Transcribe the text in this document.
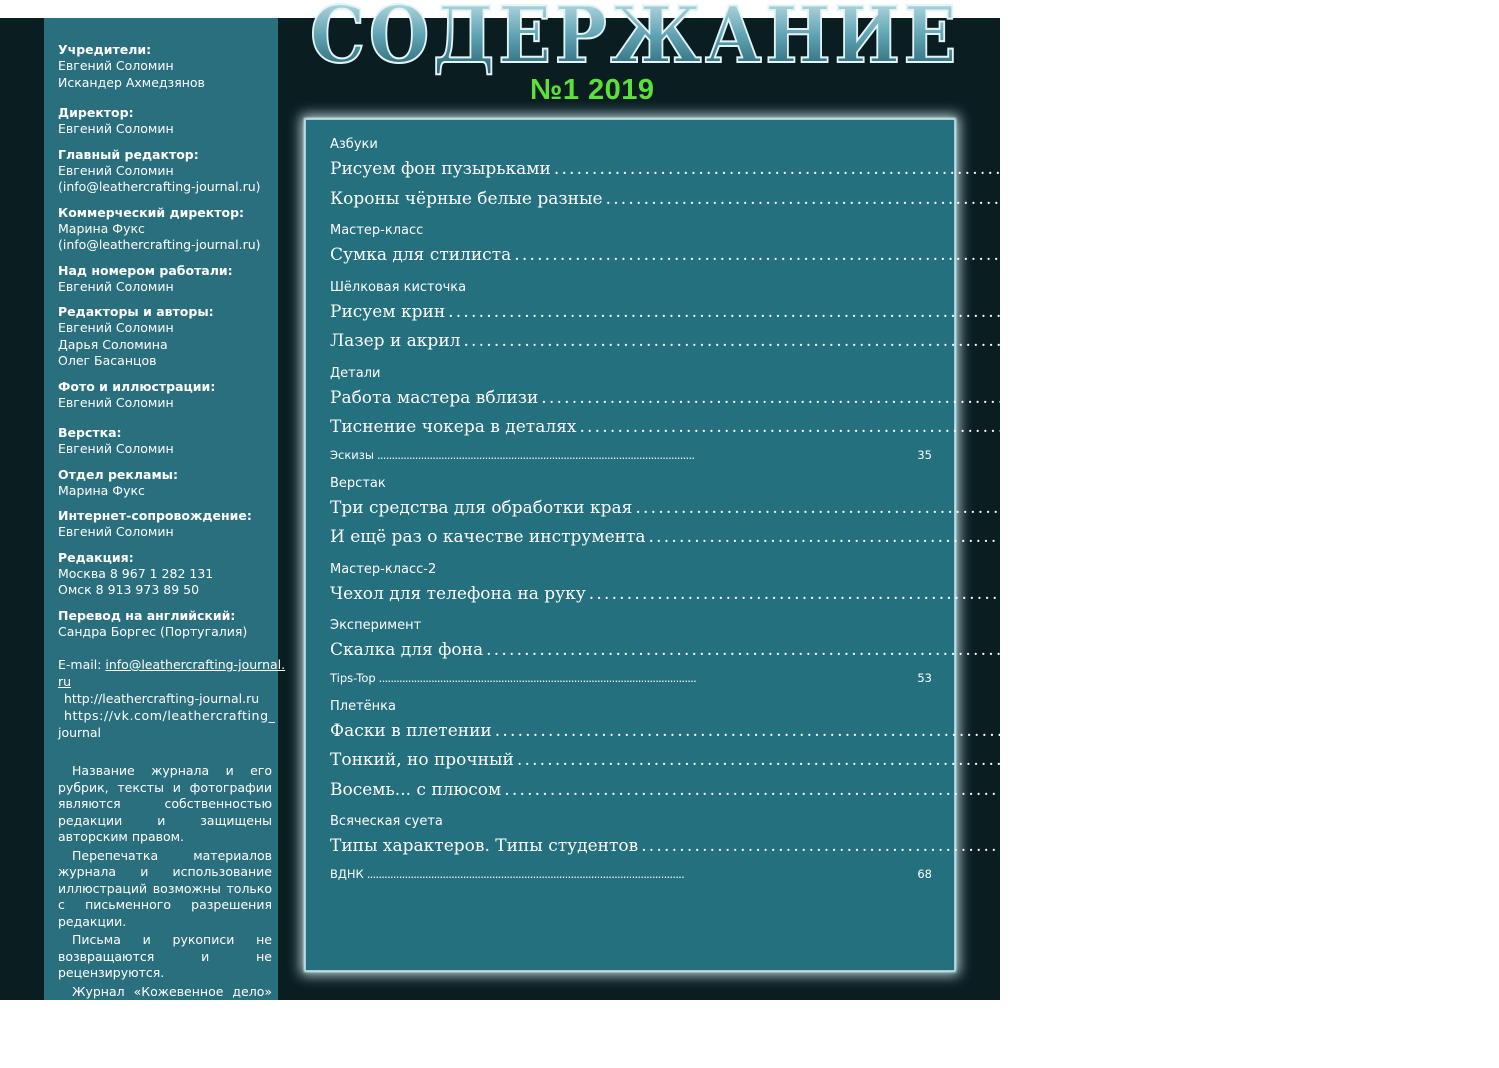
Учредители:
Евгений Соломин
Искандер Ахмедзянов
Директор:
Евгений Соломин
Главный редактор:
Евгений Соломин
(info@leathercrafting-journal.ru)
Коммерческий директор:
Марина Фукс
(info@leathercrafting-journal.ru)
Над номером работали:
Евгений Соломин
Редакторы и авторы:
Евгений Соломин
Дарья Соломина
Олег Басанцов
Фото и иллюстрации:
Евгений Соломин
Верстка:
Евгений Соломин
Отдел рекламы:
Марина Фукс
Интернет-сопровождение:
Евгений Соломин
Редакция:
Москва 8 967 1 282 131
Омск 8 913 973 89 50
Перевод на английский:
Сандра Боргес (Португалия)
E-mail: info@leathercrafting-journal.
ru
http://leathercrafting-journal.ru
https://vk.com/leathercrafting_
journal

Название журнала и его рубрик, тексты и фотографии являются собственностью редакции и защищены авторским правом.

Перепечатка материалов журнала и использование иллюстраций возможны только с письменного разрешения редакции.

Письма и рукописи не возвращаются и не рецензируются.

Журнал «Кожевенное дело» 2016г.

Редакция не несет ответственность за содержание рекламных

СОДЕРЖАНИЕ
№1 2019
Азбуки
Рисуем фон пузырьками . . .	4
Короны чёрные белые разные . . .	6
Мастер-класс
Сумка для стилиста . . .	13
Шёлковая кисточка
Рисуем крин . . .	20
Лазер и акрил . . .	24
Детали
Работа мастера вблизи . . .	27
Тиснение чокера в деталях . . .	30
Эскизы . . .	35
Верстак
Три средства для обработки края . . .	39
И ещё раз о качестве инструмента . . .	43
Мастер-класс-2
Чехол для телефона на руку . . .	44
Эксперимент
Скалка для фона . . .	50
Tips-Top . . .	53
Плетёнка
Фаски в плетении . . .	54
Тонкий, но прочный . . .	57
Восемь... с плюсом . . .	60
Всяческая суета
Типы характеров. Типы студентов . . .	62
ВДНК . . .	68
